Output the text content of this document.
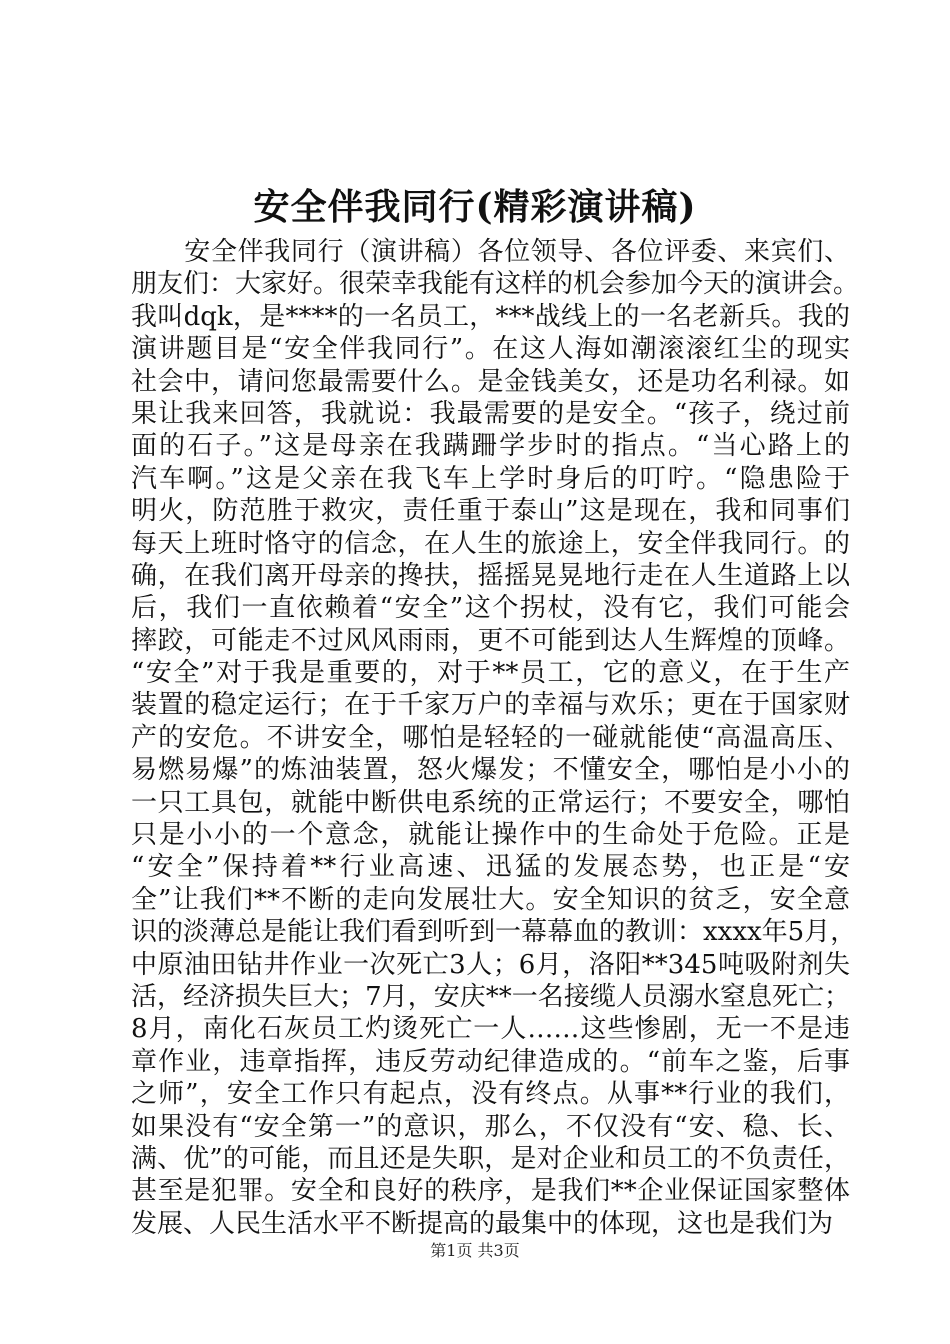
安全伴我同行(精彩演讲稿)
　　安全伴我同行（演讲稿）各位领导、各位评委、来宾们、
朋友们：大家好。很荣幸我能有这样的机会参加今天的演讲会。
我叫dqk，是****的一名员工，***战线上的一名老新兵。我的
演讲题目是“安全伴我同行”。在这人海如潮滚滚红尘的现实
社会中，请问您最需要什么。是金钱美女，还是功名利禄。如
果让我来回答，我就说：我最需要的是安全。“孩子，绕过前
面的石子。”这是母亲在我蹒跚学步时的指点。“当心路上的
汽车啊。”这是父亲在我飞车上学时身后的叮咛。“隐患险于
明火，防范胜于救灾，责任重于泰山”这是现在，我和同事们
每天上班时恪守的信念，在人生的旅途上，安全伴我同行。的
确，在我们离开母亲的搀扶，摇摇晃晃地行走在人生道路上以
后，我们一直依赖着“安全”这个拐杖，没有它，我们可能会
摔跤，可能走不过风风雨雨，更不可能到达人生辉煌的顶峰。
“安全”对于我是重要的，对于**员工，它的意义，在于生产
装置的稳定运行；在于千家万户的幸福与欢乐；更在于国家财
产的安危。不讲安全，哪怕是轻轻的一碰就能使“高温高压、
易燃易爆”的炼油装置，怒火爆发；不懂安全，哪怕是小小的
一只工具包，就能中断供电系统的正常运行；不要安全，哪怕
只是小小的一个意念，就能让操作中的生命处于危险。正是
“安全”保持着**行业高速、迅猛的发展态势，也正是“安
全”让我们**不断的走向发展壮大。安全知识的贫乏，安全意
识的淡薄总是能让我们看到听到一幕幕血的教训：xxxx年5月，
中原油田钻井作业一次死亡3人；6月，洛阳**345吨吸附剂失
活，经济损失巨大；7月，安庆**一名接缆人员溺水窒息死亡；
8月，南化石灰员工灼烫死亡一人……这些惨剧，无一不是违
章作业，违章指挥，违反劳动纪律造成的。“前车之鉴，后事
之师”，安全工作只有起点，没有终点。从事**行业的我们，
如果没有“安全第一”的意识，那么，不仅没有“安、稳、长、
满、优”的可能，而且还是失职，是对企业和员工的不负责任，
甚至是犯罪。安全和良好的秩序，是我们**企业保证国家整体
发展、人民生活水平不断提高的最集中的体现，这也是我们为
第1页 共3页
